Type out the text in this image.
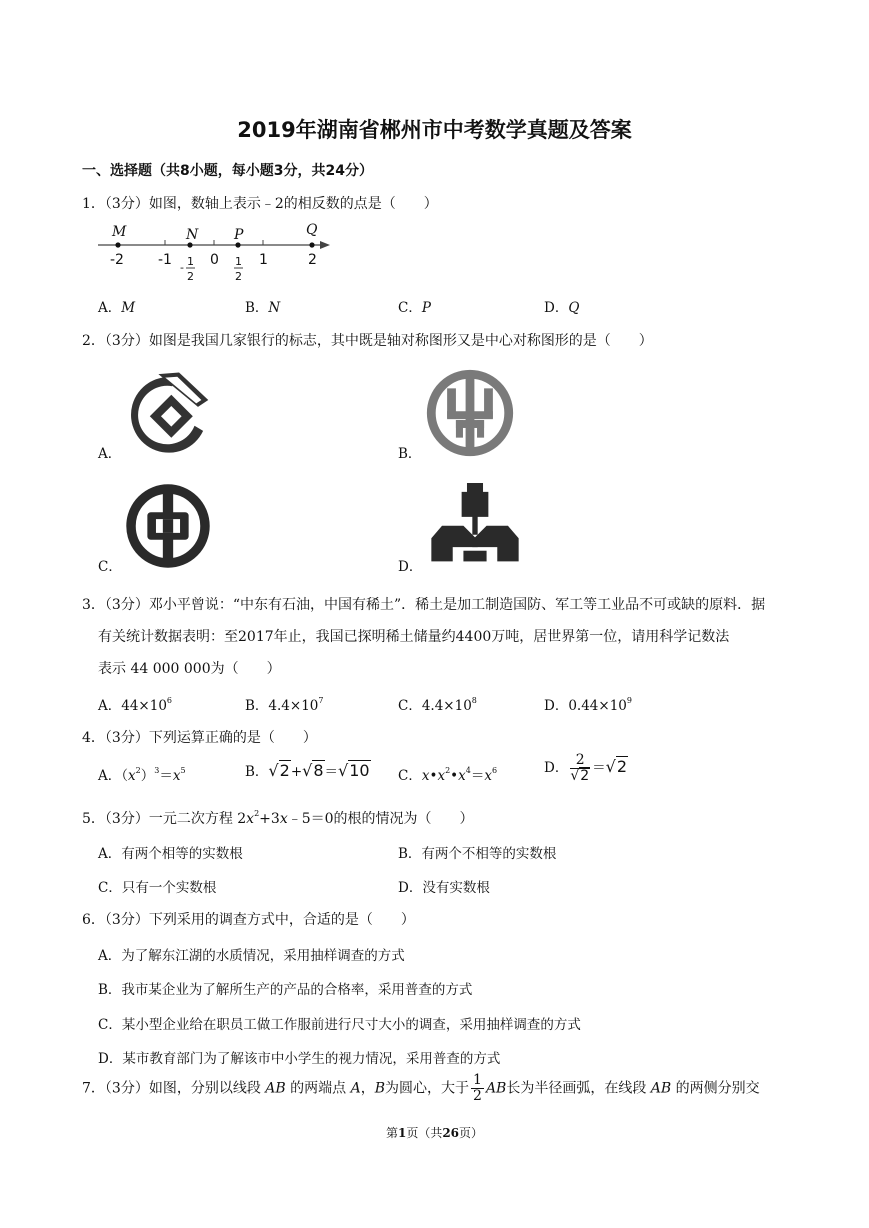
2019年湖南省郴州市中考数学真题及答案
一、选择题（共8小题，每小题3分，共24分）
1．（3分）如图，数轴上表示﹣2的相反数的点是（　　）
M	N	P	Q
-2 -1	0	1	2
- 1
2
1
2
A．M	B．N	C．P	D．Q
2．（3分）如图是我国几家银行的标志，其中既是轴对称图形又是中心对称图形的是（　　）
A．	B．
C．	D．
3．（3分）邓小平曾说：“中东有石油，中国有稀土”．稀土是加工制造国防、军工等工业品不可或缺的原料．据
有关统计数据表明：至2017年止，我国已探明稀土储量约4400万吨，居世界第一位，请用科学记数法
表示 44 000 000为（　　）
A．$44\times 10^6$	B．$4.4\times 10^7$	C．$4.4\times 10^8$	D．$0.44\times 10^9$
4．（3分）下列运算正确的是（　　）
A．$(x^2)^3=x^5$	B．√2+√8＝√10 C．$x•x^2•x^4=x^6$	D． $\frac{2}{√2} =√2$
5．（3分）一元二次方程 $2x^2+3x﹣5=0$的根的情况为（　　）
A．有两个相等的实数根	B．有两个不相等的实数根
C．只有一个实数根	D．没有实数根
6．（3分）下列采用的调查方式中，合适的是（　　）
A．为了解东江湖的水质情况，采用抽样调查的方式
B．我市某企业为了解所生产的产品的合格率，采用普查的方式
C．某小型企业给在职员工做工作服前进行尺寸大小的调查，采用抽样调查的方式
D．某市教育部门为了解该市中小学生的视力情况，采用普查的方式
7．（3分）如图，分别以线段 AB 的两端点 A，B为圆心，大于 $\frac{1}{2}$ AB长为半径画弧，在线段 AB 的两侧分别交
第1页（共26页）
